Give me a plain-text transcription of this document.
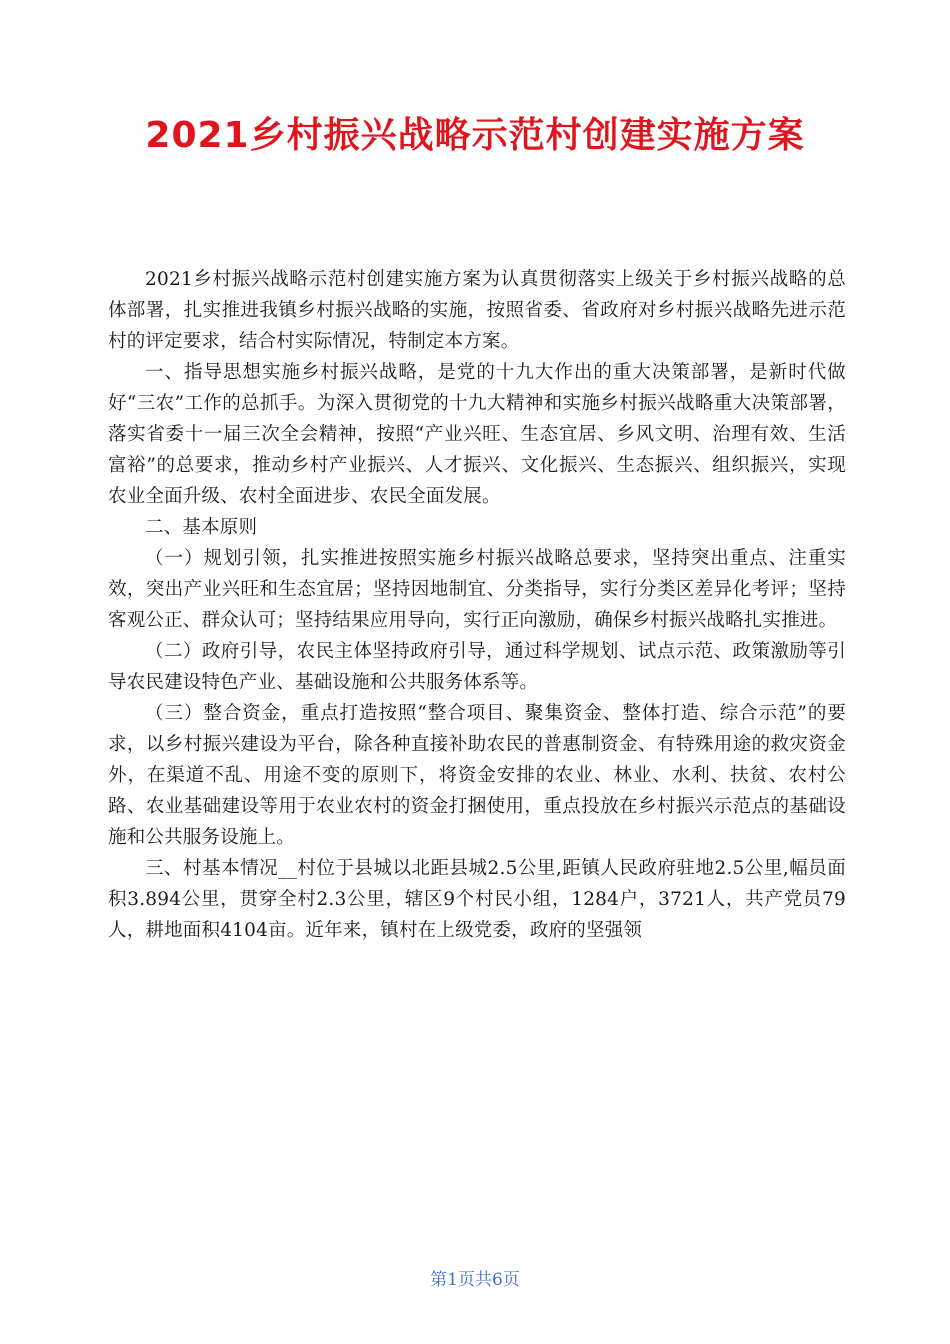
2021乡村振兴战略示范村创建实施方案

2021乡村振兴战略示范村创建实施方案为认真贯彻落实上级关于乡村振兴战略的总体部署，扎实推进我镇乡村振兴战略的实施，按照省委、省政府对乡村振兴战略先进示范村的评定要求，结合村实际情况，特制定本方案。

一、指导思想实施乡村振兴战略，是党的十九大作出的重大决策部署，是新时代做好“三农”工作的总抓手。为深入贯彻党的十九大精神和实施乡村振兴战略重大决策部署，落实省委十一届三次全会精神，按照“产业兴旺、生态宜居、乡风文明、治理有效、生活富裕”的总要求，推动乡村产业振兴、人才振兴、文化振兴、生态振兴、组织振兴，实现农业全面升级、农村全面进步、农民全面发展。

二、基本原则

（一）规划引领，扎实推进按照实施乡村振兴战略总要求，坚持突出重点、注重实效，突出产业兴旺和生态宜居；坚持因地制宜、分类指导，实行分类区差异化考评；坚持客观公正、群众认可；坚持结果应用导向，实行正向激励，确保乡村振兴战略扎实推进。

（二）政府引导，农民主体坚持政府引导，通过科学规划、试点示范、政策激励等引导农民建设特色产业、基础设施和公共服务体系等。

（三）整合资金，重点打造按照“整合项目、聚集资金、整体打造、综合示范”的要求，以乡村振兴建设为平台，除各种直接补助农民的普惠制资金、有特殊用途的救灾资金外，在渠道不乱、用途不变的原则下，将资金安排的农业、林业、水利、扶贫、农村公路、农业基础建设等用于农业农村的资金打捆使用，重点投放在乡村振兴示范点的基础设施和公共服务设施上。

三、村基本情况__村位于县城以北距县城2.5公里,距镇人民政府驻地2.5公里,幅员面积3.894公里，贯穿全村2.3公里，辖区9个村民小组，1284户，3721人，共产党员79人，耕地面积4104亩。近年来，镇村在上级党委，政府的坚强领

第1页共6页
